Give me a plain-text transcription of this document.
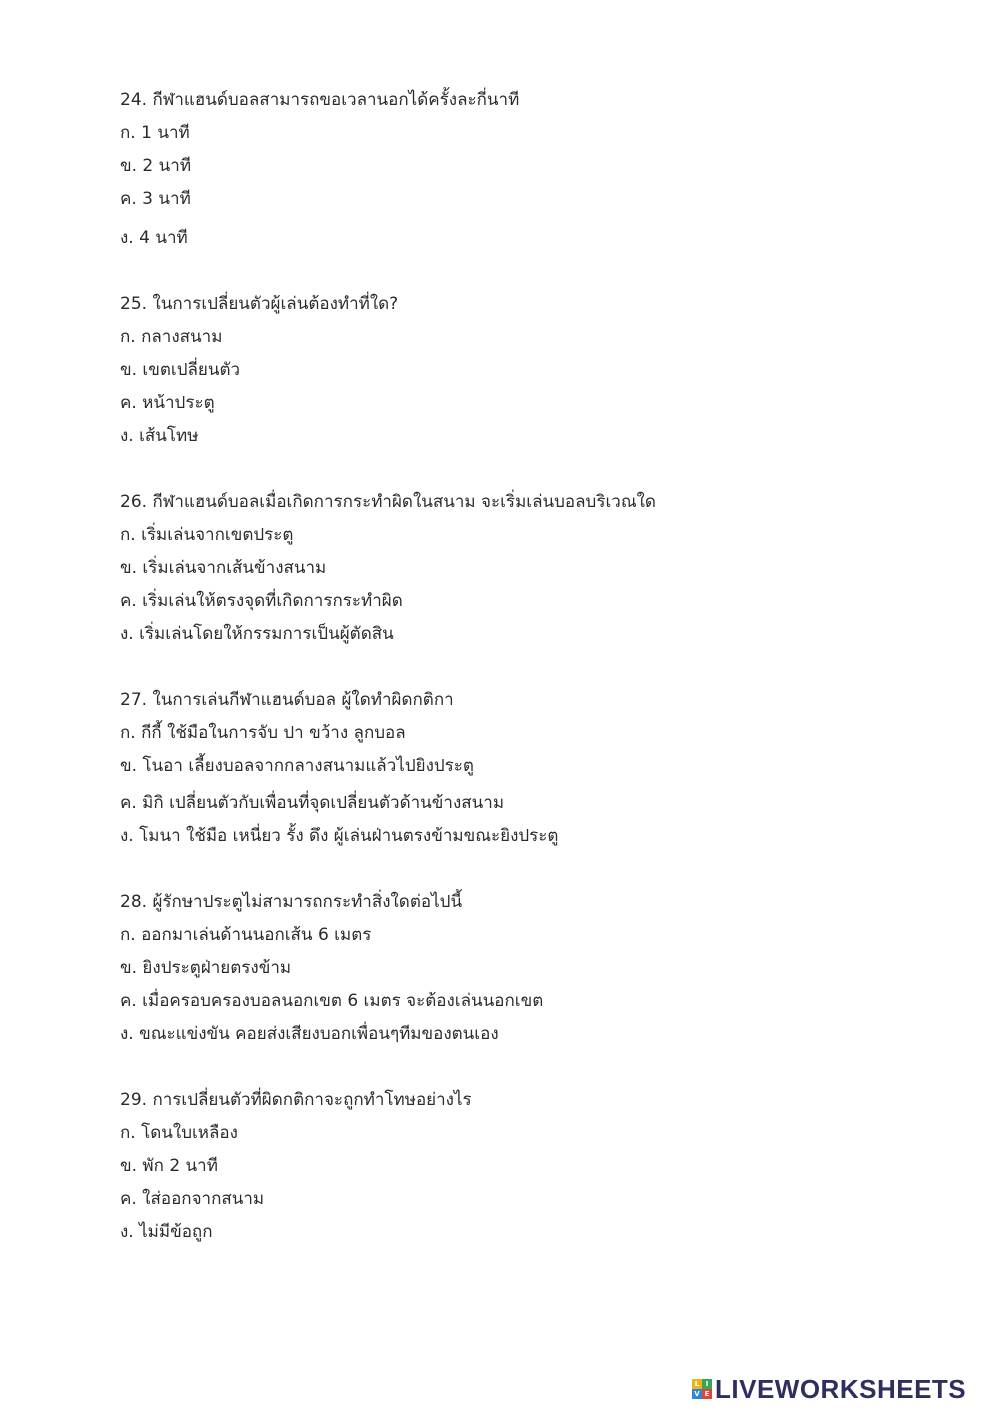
24. กีฬาแฮนด์บอลสามารถขอเวลานอกได้ครั้งละกี่นาที
ก. 1 นาที
ข. 2 นาที
ค. 3 นาที
ง. 4 นาที
25. ในการเปลี่ยนตัวผู้เล่นต้องทำที่ใด?
ก. กลางสนาม
ข. เขตเปลี่ยนตัว
ค. หน้าประตู
ง. เส้นโทษ
26. กีฬาแฮนด์บอลเมื่อเกิดการกระทำผิดในสนาม จะเริ่มเล่นบอลบริเวณใด
ก. เริ่มเล่นจากเขตประตู
ข. เริ่มเล่นจากเส้นข้างสนาม
ค. เริ่มเล่นให้ตรงจุดที่เกิดการกระทำผิด
ง. เริ่มเล่นโดยให้กรรมการเป็นผู้ตัดสิน
27. ในการเล่นกีฬาแฮนด์บอล ผู้ใดทำผิดกติกา
ก. กีกี้ ใช้มือในการจับ ปา ขว้าง ลูกบอล
ข. โนอา เลี้ยงบอลจากกลางสนามแล้วไปยิงประตู
ค. มิกิ เปลี่ยนตัวกับเพื่อนที่จุดเปลี่ยนตัวด้านข้างสนาม
ง. โมนา ใช้มือ เหนี่ยว รั้ง ดึง ผู้เล่นฝ่านตรงข้ามขณะยิงประตู
28. ผู้รักษาประตูไม่สามารถกระทำสิ่งใดต่อไปนี้
ก. ออกมาเล่นด้านนอกเส้น 6 เมตร
ข. ยิงประตูฝ่ายตรงข้าม
ค. เมื่อครอบครองบอลนอกเขต 6 เมตร จะต้องเล่นนอกเขต
ง. ขณะแข่งขัน คอยส่งเสียงบอกเพื่อนๆทีมของตนเอง
29. การเปลี่ยนตัวที่ผิดกติกาจะถูกทำโทษอย่างไร
ก. โดนใบเหลือง
ข. พัก 2 นาที
ค. ใส่ออกจากสนาม
ง. ไม่มีข้อถูก
L I
V E LIVEWORKSHEETS
